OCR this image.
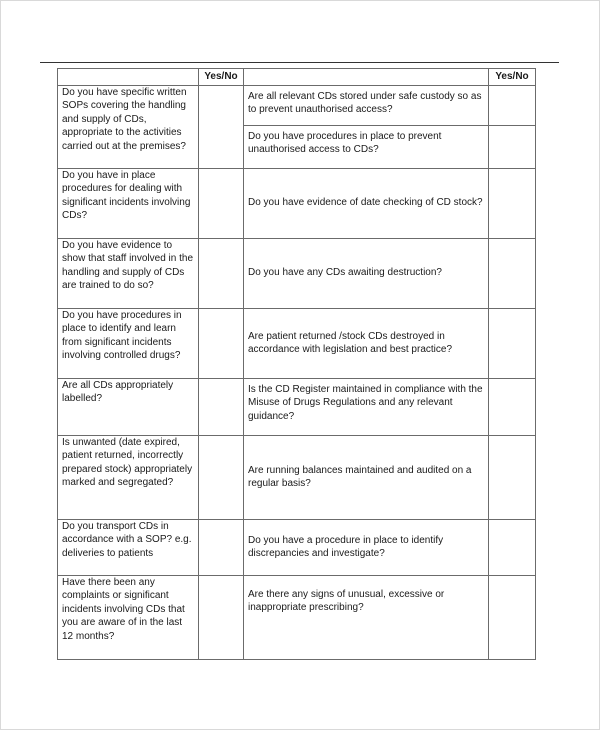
	Yes/No		Yes/No
Do you have specific written SOPs covering the handling and supply of CDs, appropriate to the activities carried out at the premises?		Are all relevant CDs stored under safe custody so as to prevent unauthorised access?	
		Do you have procedures in place to prevent unauthorised access to CDs?	
Do you have in place procedures for dealing with significant incidents involving CDs?		Do you have evidence of date checking of CD stock?	
Do you have evidence to show that staff involved in the handling and supply of CDs are trained to do so?		Do you have any CDs awaiting destruction?	
Do you have procedures in place to identify and learn from significant incidents involving controlled drugs?		Are patient returned /stock CDs destroyed in accordance with legislation and best practice?	
Are all CDs appropriately labelled?		Is the CD Register maintained in compliance with the Misuse of Drugs Regulations and any relevant guidance?	
Is unwanted (date expired, patient returned, incorrectly prepared stock) appropriately marked and segregated?		Are running balances maintained and audited on a regular basis?	
Do you transport CDs in accordance with a SOP? e.g. deliveries to patients		Do you have a procedure in place to identify discrepancies and investigate?	
Have there been any complaints or significant incidents involving CDs that you are aware of in the last 12 months?		Are there any signs of unusual, excessive or inappropriate prescribing?	
